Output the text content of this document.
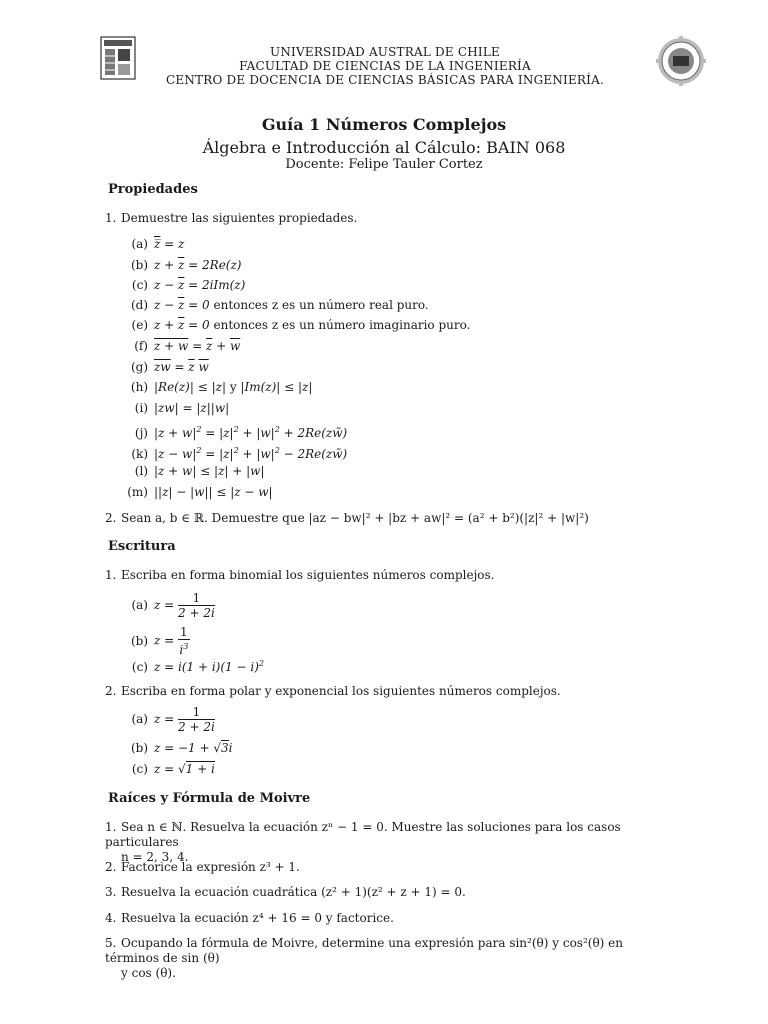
UNIVERSIDAD AUSTRAL DE CHILE
FACULTAD DE CIENCIAS DE LA INGENIERÍA
CENTRO DE DOCENCIA DE CIENCIAS BÁSICAS PARA INGENIERÍA.
Guía 1 Números Complejos
Álgebra e Introducción al Cálculo: BAIN 068
Docente: Felipe Tauler Cortez
Propiedades
1. Demuestre las siguientes propiedades.
(a) z̅ = z
(b) $z + \overline{z} = 2Re(z)$
(c) $z - \overline{z} = 2iIm(z)$
(d) $z - \overline{z} = 0$ entonces z es un número real puro.
(e) $z + \overline{z} = 0$ entonces z es un número imaginario puro.
(f) $z + w = \overline{z} + \overline{w}$
(g) $\overline{zw} = \overline{z}$ $\overline{w}$
(h) |Re(z)| ≤ |z| y |Im(z)| ≤ |z|
(i) |zw| = |z||w|
(j) $|z + w|^2 = |z|^2 + |w|^2$ + 2Re(zw̃)
(k) $|z - w|^2 = |z|^2 + |w|^2$ − 2Re(zw̃)
(l) |z + w| ≤ |z| + |w|
(m) ||z| − |w|| ≤ |z − w|
2. Sean a, b ∈ ℝ. Demuestre que |az − bw|² + |bz + aw|² = (a² + b²)(|z|² + |w|²)
Escritura
1. Escriba en forma binomial los siguientes números complejos.
(a) $z = \frac{1}{2 + 2i}$
(b) $z = \frac{1}{i^3}$
(c) $z = i(1 + i)(1 - i)^2$
2. Escriba en forma polar y exponencial los siguientes números complejos.
(a) $z = \frac{1}{2 + 2i}$
(b) z = −1 + √3i
(c) z = √1 + i
Raíces y Fórmula de Moivre
1. Sea n ∈ ℕ. Resuelva la ecuación zⁿ − 1 = 0. Muestre las soluciones para los casos particulares
n = 2, 3, 4.
2. Factorice la expresión z³ + 1.
3. Resuelva la ecuación cuadrática (z² + 1)(z² + z + 1) = 0.
4. Resuelva la ecuación z⁴ + 16 = 0 y factorice.
5. Ocupando la fórmula de Moivre, determine una expresión para sin²(θ) y cos²(θ) en términos de sin (θ)
y cos (θ).
